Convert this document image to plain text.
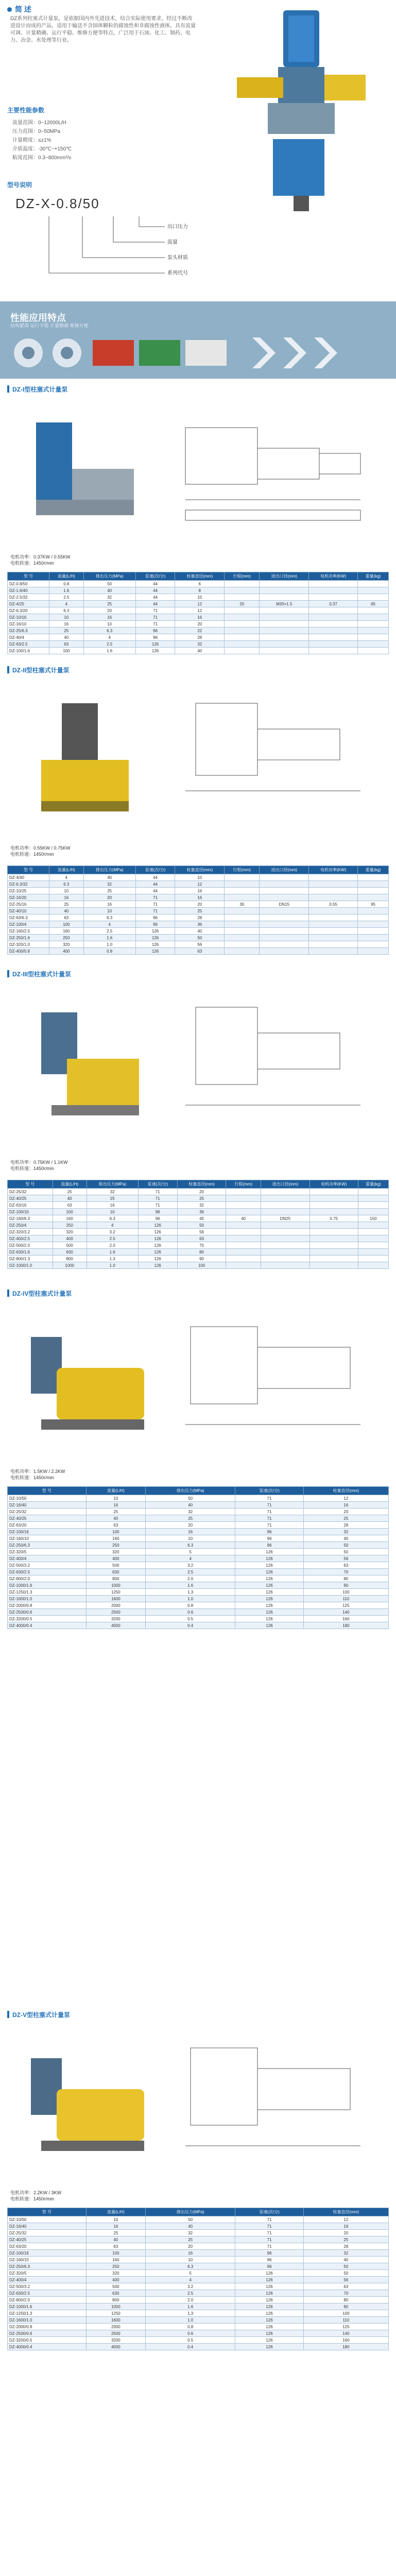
简 述
DZ系列柱塞式计量泵，是依据国内外先进技术，结合实际使用要求，经过不断改进设计而成的产品，适用于输送不含固体颗粒的腐蚀性和非腐蚀性液体，具有流量可调、计量精确、运行平稳、维修方便等特点，广泛用于石油、化工、制药、电力、冶金、水处理等行业。
主要性能参数
流量范围：0~12000L/H
压力范围：0~50MPa
计量精度：≤±1%
介质温度：-30℃~+150℃
粘度范围：0.3~800mm²/s
型号说明
DZ-X-0.8/50
出口压力
流量
泵头材质
系列代号
性能应用特点
结构紧凑 运行平稳 计量精确 维修方便
DZ-I型柱塞式计量泵
电机功率：0.37KW / 0.55KW
电机转速：1450r/min
型 号	流量(L/H)	排出压力(MPa)	泵速(次/分)	柱塞直径(mm)	行程(mm)	进出口径(mm)	电机功率(KW)	重量(kg)
DZ-0.8/50	0.8	50	44	6				
DZ-1.6/40	1.6	40	44	8				
DZ-2.5/32	2.5	32	44	10				
DZ-4/25	4	25	44	12	20	M20×1.5	0.37	65
DZ-6.3/20	6.3	20	71	12				
DZ-10/16	10	16	71	16				
DZ-16/10	16	10	71	20				
DZ-25/6.3	25	6.3	96	22				
DZ-40/4	40	4	96	28				
DZ-63/2.5	63	2.5	126	32				
DZ-100/1.6	100	1.6	126	40				
DZ-II型柱塞式计量泵
电机功率：0.55KW / 0.75KW
电机转速：1450r/min
型 号	流量(L/H)	排出压力(MPa)	泵速(次/分)	柱塞直径(mm)	行程(mm)	进出口径(mm)	电机功率(KW)	重量(kg)
DZ-4/40	4	40	44	10				
DZ-6.3/32	6.3	32	44	12				
DZ-10/25	10	25	44	16				
DZ-16/20	16	20	71	16				
DZ-25/16	25	16	71	20	30	DN15	0.55	95
DZ-40/10	40	10	71	25				
DZ-63/6.3	63	6.3	96	28				
DZ-100/4	100	4	96	36				
DZ-160/2.5	160	2.5	126	40				
DZ-250/1.6	250	1.6	126	50				
DZ-320/1.0	320	1.0	126	56				
DZ-400/0.8	400	0.8	126	63				
DZ-III型柱塞式计量泵
电机功率：0.75KW / 1.1KW
电机转速：1450r/min
型 号	流量(L/H)	排出压力(MPa)	泵速(次/分)	柱塞直径(mm)	行程(mm)	进出口径(mm)	电机功率(KW)	重量(kg)
DZ-25/32	25	32	71	20				
DZ-40/25	40	25	71	25				
DZ-63/16	63	16	71	32				
DZ-100/10	100	10	96	36				
DZ-160/6.3	160	6.3	96	45	40	DN25	0.75	150
DZ-250/4	250	4	126	50				
DZ-320/3.2	320	3.2	126	56				
DZ-400/2.5	400	2.5	126	63				
DZ-500/2.0	500	2.0	126	70				
DZ-630/1.6	630	1.6	126	80				
DZ-800/1.3	800	1.3	126	90				
DZ-1000/1.0	1000	1.0	126	100				
DZ-IV型柱塞式计量泵
电机功率：1.5KW / 2.2KW
电机转速：1450r/min
型 号	流量(L/H)	排出压力(MPa)	泵速(次/分)	柱塞直径(mm)
DZ-10/50	10	50	71	12
DZ-16/40	16	40	71	16
DZ-25/32	25	32	71	20
DZ-40/25	40	25	71	25
DZ-63/20	63	20	71	28
DZ-100/16	100	16	96	32
DZ-160/10	160	10	96	40
DZ-250/6.3	250	6.3	96	50
DZ-320/5	320	5	126	50
DZ-400/4	400	4	126	56
DZ-500/3.2	500	3.2	126	63
DZ-630/2.5	630	2.5	126	70
DZ-800/2.0	800	2.0	126	80
DZ-1000/1.6	1000	1.6	126	90
DZ-1250/1.3	1250	1.3	126	100
DZ-1600/1.0	1600	1.0	126	110
DZ-2000/0.8	2000	0.8	126	125
DZ-2500/0.6	2500	0.6	126	140
DZ-3200/0.5	3200	0.5	126	160
DZ-4000/0.4	4000	0.4	126	180
DZ-V型柱塞式计量泵
电机功率：2.2KW / 3KW
电机转速：1450r/min
型 号	流量(L/H)	排出压力(MPa)	泵速(次/分)	柱塞直径(mm)
DZ-10/50	10	50	71	12
DZ-16/40	16	40	71	16
DZ-25/32	25	32	71	20
DZ-40/25	40	25	71	25
DZ-63/20	63	20	71	28
DZ-100/16	100	16	96	32
DZ-160/10	160	10	96	40
DZ-250/6.3	250	6.3	96	50
DZ-320/5	320	5	126	50
DZ-400/4	400	4	126	56
DZ-500/3.2	500	3.2	126	63
DZ-630/2.5	630	2.5	126	70
DZ-800/2.0	800	2.0	126	80
DZ-1000/1.6	1000	1.6	126	90
DZ-1250/1.3	1250	1.3	126	100
DZ-1600/1.0	1600	1.0	126	110
DZ-2000/0.8	2000	0.8	126	125
DZ-2500/0.6	2500	0.6	126	140
DZ-3200/0.5	3200	0.5	126	160
DZ-4000/0.4	4000	0.4	126	180
